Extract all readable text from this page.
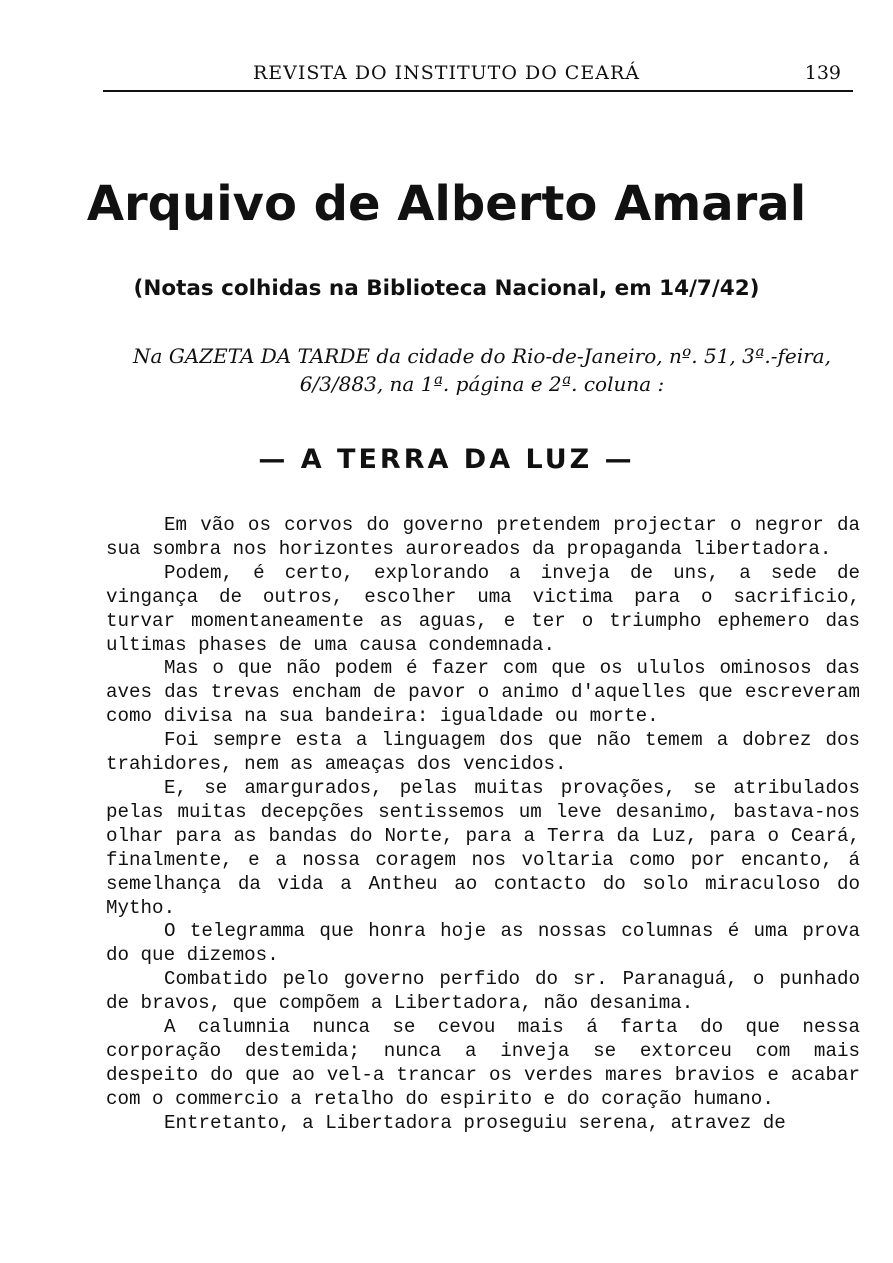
REVISTA DO INSTITUTO DO CEARÁ	139
Arquivo de Alberto Amaral
(Notas colhidas na Biblioteca Nacional, em 14/7/42)
Na GAZETA DA TARDE da cidade do Rio-de-Janeiro, nº. 51, 3ª.-feira, 6/3/883, na 1ª. página e 2ª. coluna :
— A TERRA DA LUZ —

Em vão os corvos do governo pretendem projectar o negror da sua sombra nos horizontes auroreados da propaganda libertadora.

Podem, é certo, explorando a inveja de uns, a sede de vingança de outros, escolher uma victima para o sacrificio, turvar momentaneamente as aguas, e ter o triumpho ephemero das ultimas phases de uma causa condemnada.

Mas o que não podem é fazer com que os ululos ominosos das aves das trevas encham de pavor o animo d'aquelles que escreveram como divisa na sua bandeira: igualdade ou morte.

Foi sempre esta a linguagem dos que não temem a dobrez dos trahidores, nem as ameaças dos vencidos.

E, se amargurados, pelas muitas provações, se atribulados pelas muitas decepções sentissemos um leve desanimo, bastava-nos olhar para as bandas do Norte, para a Terra da Luz, para o Ceará, finalmente, e a nossa coragem nos voltaria como por encanto, á semelhança da vida a Antheu ao contacto do solo miraculoso do Mytho.

O telegramma que honra hoje as nossas columnas é uma prova do que dizemos.

Combatido pelo governo perfido do sr. Paranaguá, o punhado de bravos, que compõem a Libertadora, não desanima.

A calumnia nunca se cevou mais á farta do que nessa corporação destemida; nunca a inveja se extorceu com mais despeito do que ao vel-a trancar os verdes mares bravios e acabar com o commercio a retalho do espirito e do coração humano.

Entretanto, a Libertadora proseguiu serena, atravez de
